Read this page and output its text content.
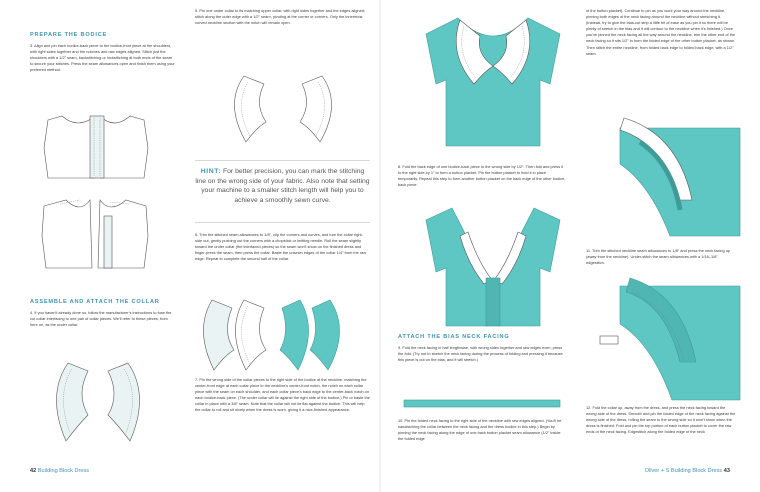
PREPARE THE BODICE

3. Align and pin each bodice-back piece to the bodice-front piece at the shoulders, with right sides together and the notches and raw edges aligned. Stitch just the shoulders with a 1/2" seam, backstitching or lockstitching at both ends of the seam to secure your stitches. Press the seam allowances open and finish them using your preferred method.

ASSEMBLE AND ATTACH THE COLLAR

4. If you haven't already done so, follow the manufacturer's instructions to fuse the cut collar interfacing to one pair of collar pieces. We'll refer to these pieces, from here on, as the under collar.

5. Pin one under collar to its matching upper collar, with right sides together and the edges aligned; stitch along the outer edge with a 1/2" seam, pivoting at the corner or corners. Only the innermost curved neckline section with the notch will remain open.

HINT: For better precision, you can mark the stitching line on the wrong side of your fabric. Also note that setting your machine to a smaller stitch length will help you to achieve a smoothly sewn curve.

6. Trim the stitched seam allowances to 1/8", clip the corners and curves, and turn the collar right-side out, gently pushing out the corners with a chopstick or knitting needle. Roll the seam slightly toward the under collar (the interfaced pieces) so the seam won't show on the finished dress and finger-press the seam, then press the collar. Baste the unsewn edges of the collar 1/4" from the raw edge. Repeat to complete the second half of the collar.

7. Pin the wrong side of the collar pieces to the right side of the bodice at the neckline, matching the center-front edge at each collar piece to the neckline's center-front notch, the notch on each collar piece with the seam on each shoulder, and each collar piece's back edge to the center-back notch on each bodice-back piece. (The under collar will lie against the right side of the bodice.) Pin or baste the collar in place with a 3/8" seam. Note that the collar will not lie flat against the bodice. This will help the collar to roll and sit nicely when the dress is worn, giving it a nice-finished appearance.

42 Building Block Dress

8. Fold the back edge of one bodice-back piece to the wrong side by 1/2". Then fold and press it to the right side by 1" to form a button placket. Pin the button placket to hold it in place temporarily. Repeat this step to form another button placket on the back edge of the other bodice-back piece.

ATTACH THE BIAS NECK FACING

9. Fold the neck facing in half lengthwise, with wrong sides together and raw edges even; press the fold. (Try not to stretch the neck facing during the process of folding and pressing it because this piece is cut on the bias, and it will stretch.)

10. Pin the folded neck facing to the right side of the neckline with raw edges aligned. (You'll be sandwiching the collar between the neck facing and the dress bodice in this step.) Begin by pinning the neck facing along the edge of one back button placket seam allowance (1/2" inside the folded edge

of the button placket). Continue to pin as you work your way around the neckline, pinning both edges of the neck facing around the neckline without stretching it. (Instead, try to give the bias-cut strip a little bit of ease as you pin it so there will be plenty of stretch in the bias and it will contour to the neckline when it's finished.) Once you've pinned the neck facing all the way around the neckline, trim the other end of the neck facing so it sits 1/2" in from the folded edge of the other button placket, as shown. Then stitch the entire neckline, from folded back edge to folded back edge, with a 1/2" seam.

11. Trim the stitched neckline seam allowances to 1/8" and press the neck facing up (away from the neckline). Under-stitch the seam allowances with a 1/16–1/8" edgestitch.

12. Fold the collar up, away from the dress, and press the neck facing toward the wrong side of the dress. Smooth and pin the folded edge of the neck facing against the wrong side of the dress, rolling the seam to the wrong side so it won't show when the dress is finished. Fold and pin the top portion of each button placket to cover the raw ends of the neck facing. Edgestitch along the folded edge of the neck

Oliver + S Building Block Dress 43
